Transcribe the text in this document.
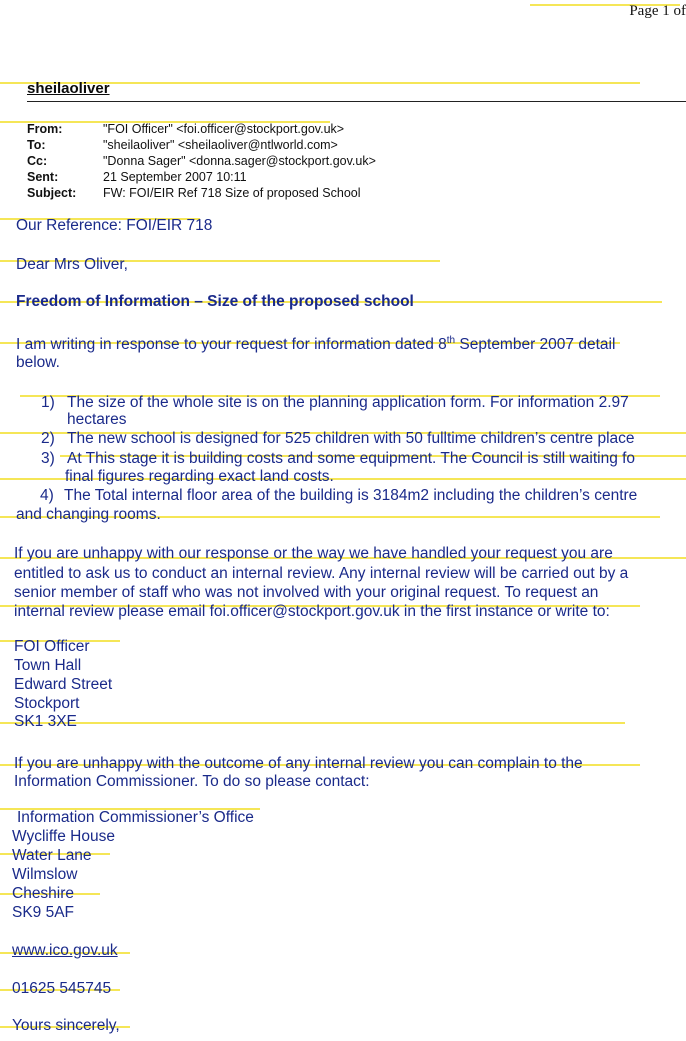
Page 1 of
sheilaoliver
From:	"FOI Officer" <foi.officer@stockport.gov.uk>
To:	"sheilaoliver" <sheilaoliver@ntlworld.com>
Cc:	"Donna Sager" <donna.sager@stockport.gov.uk>
Sent:	21 September 2007 10:11
Subject: FW: FOI/EIR Ref 718 Size of proposed School
Our Reference: FOI/EIR 718
Dear Mrs Oliver,
Freedom of Information – Size of the proposed school
I am writing in response to your request for information dated 8th September 2007 detail
below.
1) The size of the whole site is on the planning application form. For information 2.97
hectares
2) The new school is designed for 525 children with 50 fulltime children’s centre place
3) At This stage it is building costs and some equipment. The Council is still waiting fo
final figures regarding exact land costs.
4) The Total internal floor area of the building is 3184m2 including the children’s centre
and changing rooms.
If you are unhappy with our response or the way we have handled your request you are
entitled to ask us to conduct an internal review. Any internal review will be carried out by a
senior member of staff who was not involved with your original request. To request an
internal review please email foi.officer@stockport.gov.uk in the first instance or write to:
FOI Officer
Town Hall
Edward Street
Stockport
SK1 3XE
If you are unhappy with the outcome of any internal review you can complain to the
Information Commissioner. To do so please contact:
Information Commissioner’s Office
Wycliffe House
Water Lane
Wilmslow
Cheshire
SK9 5AF
www.ico.gov.uk
01625 545745
Yours sincerely,
